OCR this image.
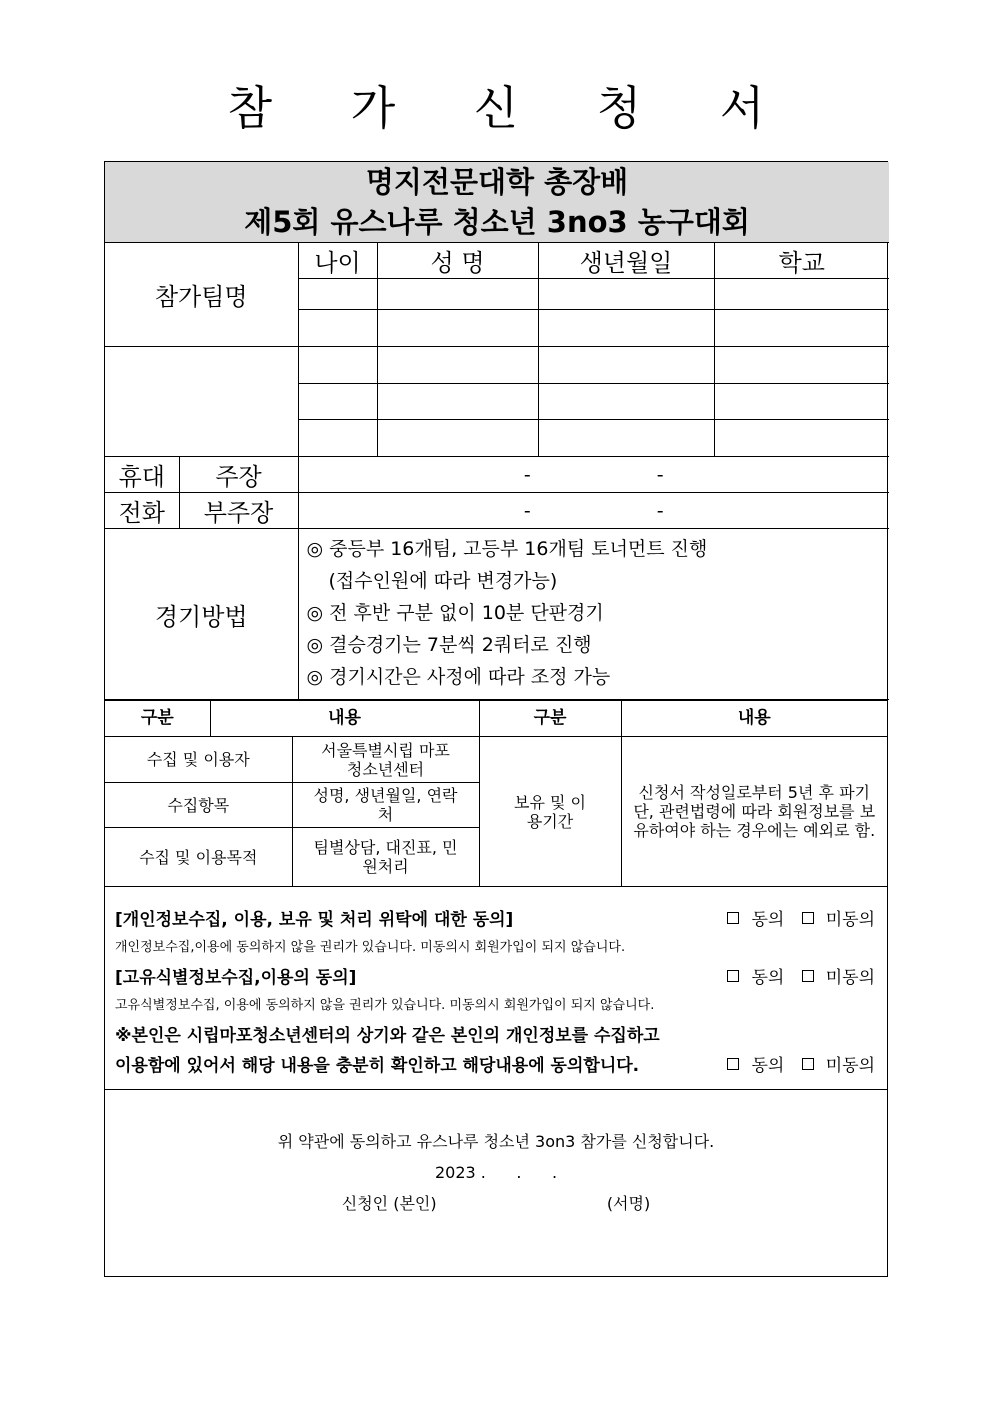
참 가 신 청 서
명지전문대학 총장배
제5회 유스나루 청소년 3no3 농구대회					

참가팀명		나이	성 명	생년월일	학교

휴대	주장	- -			
전화	부주장	- -			
경기방법		◎ 중등부 16개팀, 고등부 16개팀 토너먼트 진행
(접수인원에 따라 변경가능)
◎ 전 후반 구분 없이 10분 단판경기
◎ 결승경기는 7분씩 2쿼터로 진행
◎ 경기시간은 사정에 따라 조정 가능			
구분	내용		구분	내용
수집 및 이용자		서울특별시립 마포청소년센터	보유 및 이용기간	신청서 작성일로부터 5년 후 파기단, 관련법령에 따라 회원정보를 보유하여야 하는 경우에는 예외로 함.
수집항목		성명, 생년월일, 연락처		
수집 및 이용목적		팀별상담, 대진표, 민원처리		
[개인정보수집, 이용, 보유 및 처리 위탁에 대한 동의]	동의 미동의
개인정보수집,이용에 동의하지 않을 권리가 있습니다. 미동의시 회원가입이 되지 않습니다.
[고유식별정보수집,이용의 동의]	동의 미동의
고유식별정보수집, 이용에 동의하지 않을 권리가 있습니다. 미동의시 회원가입이 되지 않습니다.
※본인은 시립마포청소년센터의 상기와 같은 본인의 개인정보를 수집하고
이용함에 있어서 해당 내용을 충분히 확인하고 해당내용에 동의합니다.	동의 미동의
위 약관에 동의하고 유스나루 청소년 3on3 참가를 신청합니다.
2023 .      .      .
신청인 (본인)	(서명)
